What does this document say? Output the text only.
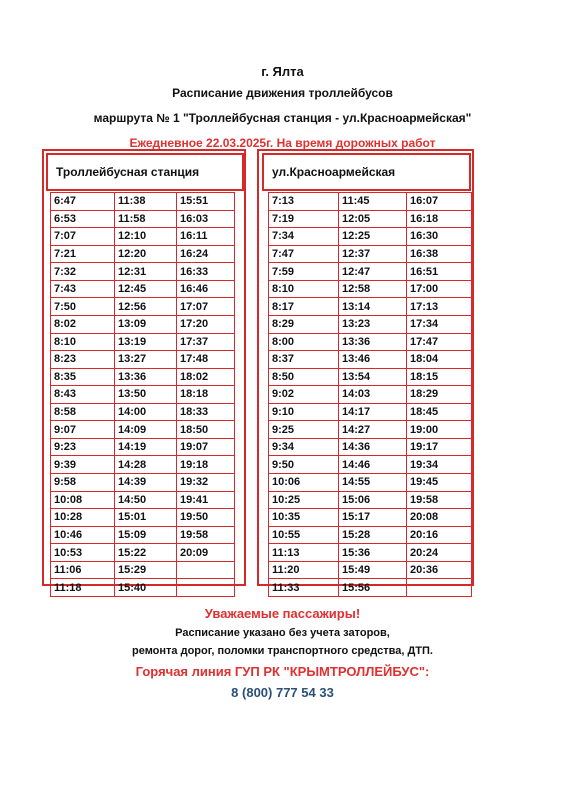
г. Ялта
Расписание движения троллейбусов
маршрута № 1 "Троллейбусная станция - ул.Красноармейская"
Ежедневное 22.03.2025г. На время дорожных работ
Троллейбусная станция	ул.Красноармейская
6:47	11:38	15:51
6:53	11:58	16:03
7:07	12:10	16:11
7:21	12:20	16:24
7:32	12:31	16:33
7:43	12:45	16:46
7:50	12:56	17:07
8:02	13:09	17:20
8:10	13:19	17:37
8:23	13:27	17:48
8:35	13:36	18:02
8:43	13:50	18:18
8:58	14:00	18:33
9:07	14:09	18:50
9:23	14:19	19:07
9:39	14:28	19:18
9:58	14:39	19:32
10:08	14:50	19:41
10:28	15:01	19:50
10:46	15:09	19:58
10:53	15:22	20:09
11:06	15:29	
11:18	15:40	
7:13	11:45	16:07
7:19	12:05	16:18
7:34	12:25	16:30
7:47	12:37	16:38
7:59	12:47	16:51
8:10	12:58	17:00
8:17	13:14	17:13
8:29	13:23	17:34
8:00	13:36	17:47
8:37	13:46	18:04
8:50	13:54	18:15
9:02	14:03	18:29
9:10	14:17	18:45
9:25	14:27	19:00
9:34	14:36	19:17
9:50	14:46	19:34
10:06	14:55	19:45
10:25	15:06	19:58
10:35	15:17	20:08
10:55	15:28	20:16
11:13	15:36	20:24
11:20	15:49	20:36
11:33	15:56	
Уважаемые пассажиры!
Расписание указано без учета заторов,
ремонта дорог, поломки транспортного средства, ДТП.
Горячая линия ГУП РК "КРЫМТРОЛЛЕЙБУС":
8 (800) 777 54 33
